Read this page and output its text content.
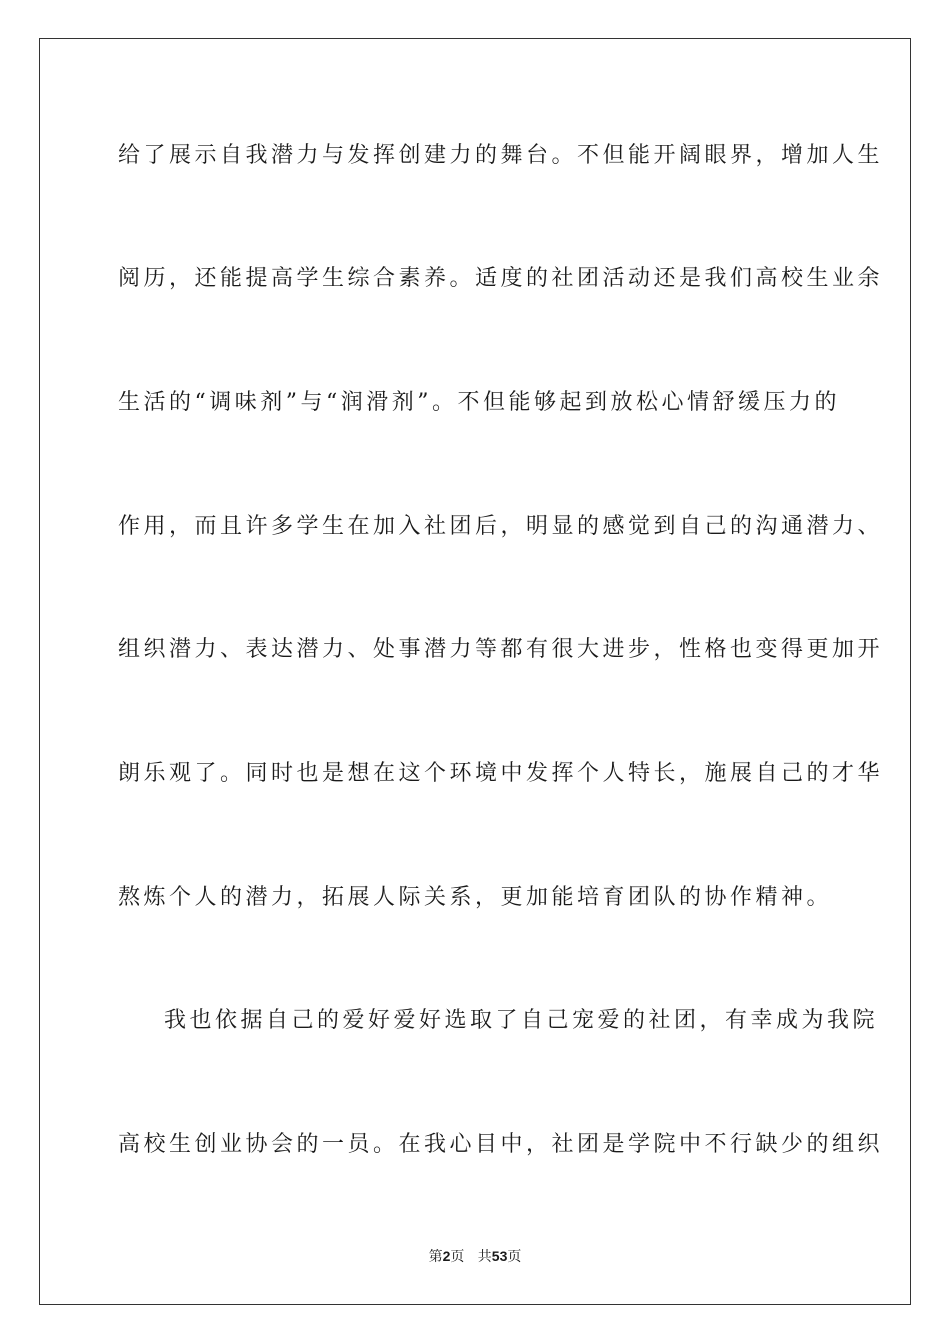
给了展示自我潜力与发挥创建力的舞台。不但能开阔眼界，增加人生
阅历，还能提高学生综合素养。适度的社团活动还是我们高校生业余
生活的“调味剂”与“润滑剂”。不但能够起到放松心情舒缓压力的
作用，而且许多学生在加入社团后，明显的感觉到自己的沟通潜力、
组织潜力、表达潜力、处事潜力等都有很大进步，性格也变得更加开
朗乐观了。同时也是想在这个环境中发挥个人特长，施展自己的才华
熬炼个人的潜力，拓展人际关系，更加能培育团队的协作精神。
我也依据自己的爱好爱好选取了自己宠爱的社团，有幸成为我院
高校生创业协会的一员。在我心目中，社团是学院中不行缺少的组织
第2页 共53页
